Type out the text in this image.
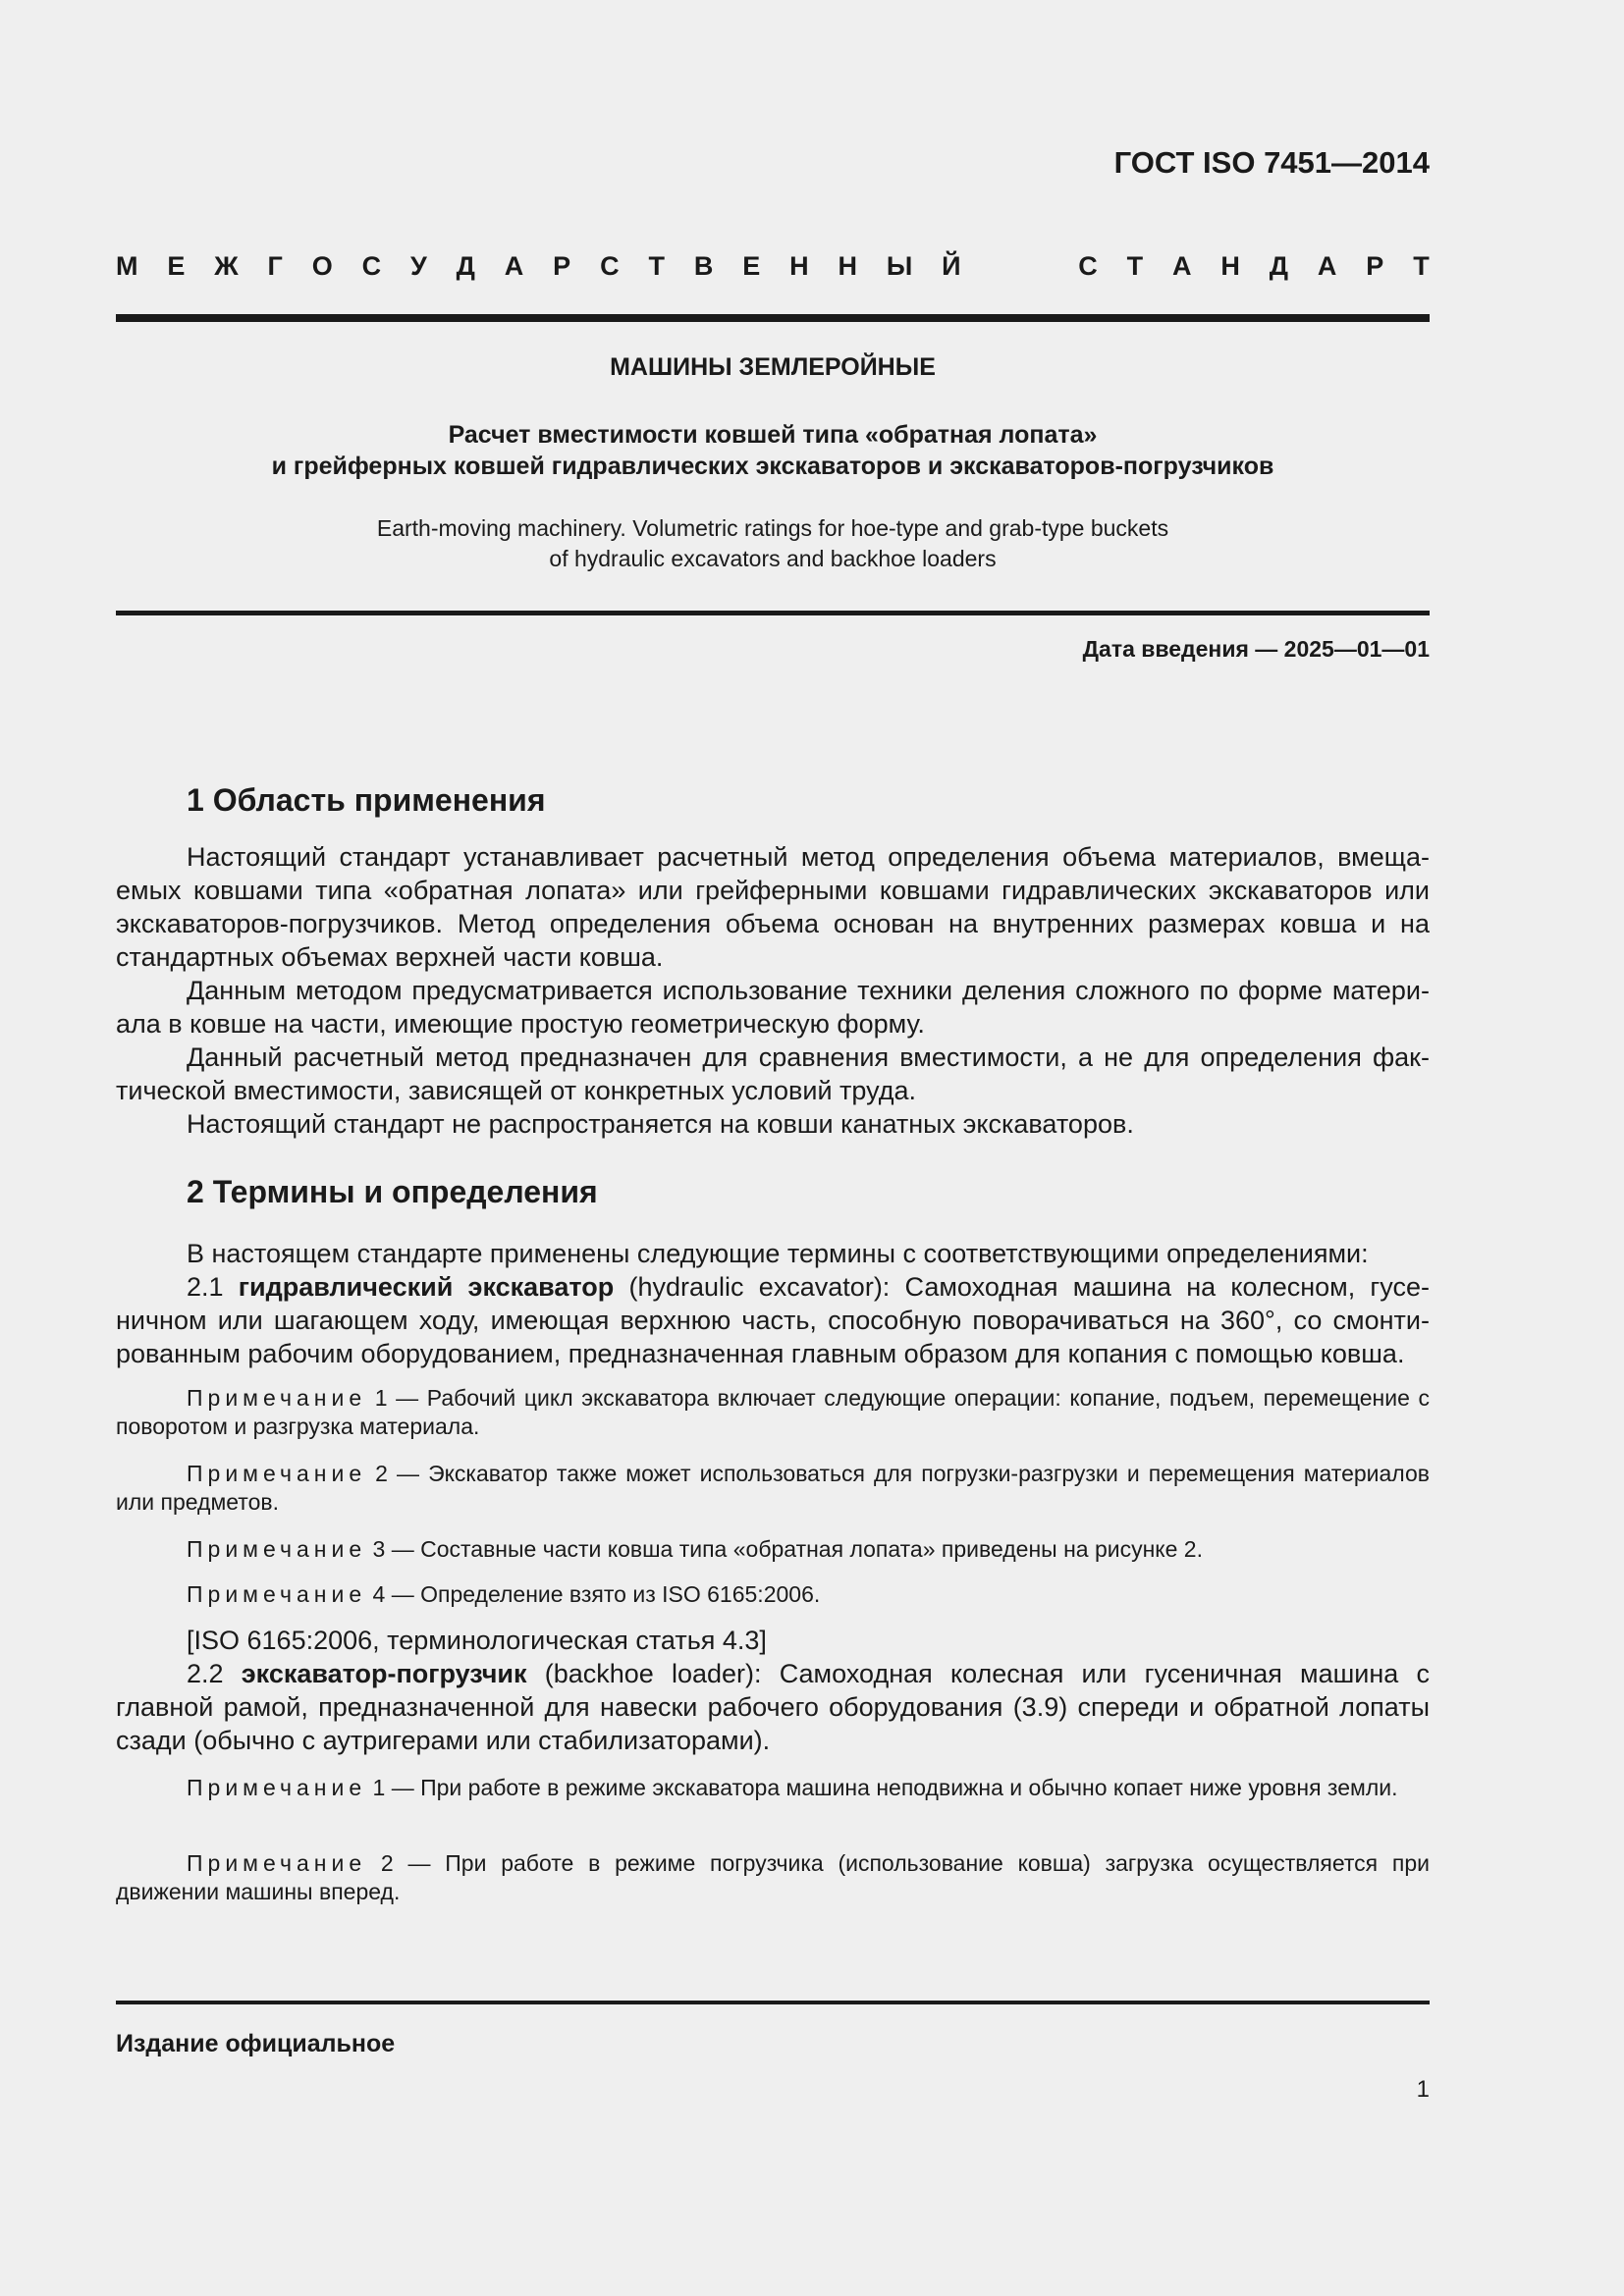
ГОСТ ISO 7451—2014
М Е Ж Г О С У Д А Р С Т В Е Н Н Ы Й	С Т А Н Д А Р Т
МАШИНЫ ЗЕМЛЕРОЙНЫЕ
Расчет вместимости ковшей типа «обратная лопата»
и грейферных ковшей гидравлических экскаваторов и экскаваторов-погрузчиков
Earth-moving machinery. Volumetric ratings for hoe-type and grab-type buckets
of hydraulic excavators and backhoe loaders
Дата введения — 2025—01—01
1 Область применения

Настоящий стандарт устанавливает расчетный метод определения объема материалов, вмещаемых ковшами типа «обратная лопата» или грейферными ковшами гидравлических экскаваторов или экскаваторов-погрузчиков. Метод определения объема основан на внутренних размерах ковша и на стандартных объемах верхней части ковша.

Данным методом предусматривается использование техники деления сложного по форме материала в ковше на части, имеющие простую геометрическую форму.

Данный расчетный метод предназначен для сравнения вместимости, а не для определения фактической вместимости, зависящей от конкретных условий труда.

Настоящий стандарт не распространяется на ковши канатных экскаваторов.

2 Термины и определения

В настоящем стандарте применены следующие термины с соответствующими определениями:

2.1 гидравлический экскаватор (hydraulic excavator): Самоходная машина на колесном, гусеничном или шагающем ходу, имеющая верхнюю часть, способную поворачиваться на 360°, со смонтированным рабочим оборудованием, предназначенная главным образом для копания с помощью ковша.

Примечание 1 — Рабочий цикл экскаватора включает следующие операции: копание, подъем, перемещение с поворотом и разгрузка материала.

Примечание 2 — Экскаватор также может использоваться для погрузки-разгрузки и перемещения материалов или предметов.

Примечание 3 — Составные части ковша типа «обратная лопата» приведены на рисунке 2.

Примечание 4 — Определение взято из ISO 6165:2006.

[ISO 6165:2006, терминологическая статья 4.3]

2.2 экскаватор-погрузчик (backhoe loader): Самоходная колесная или гусеничная машина с главной рамой, предназначенной для навески рабочего оборудования (3.9) спереди и обратной лопаты сзади (обычно с аутригерами или стабилизаторами).

Примечание 1 — При работе в режиме экскаватора машина неподвижна и обычно копает ниже уровня земли.

Примечание 2 — При работе в режиме погрузчика (использование ковша) загрузка осуществляется при движении машины вперед.

Издание официальное
1
